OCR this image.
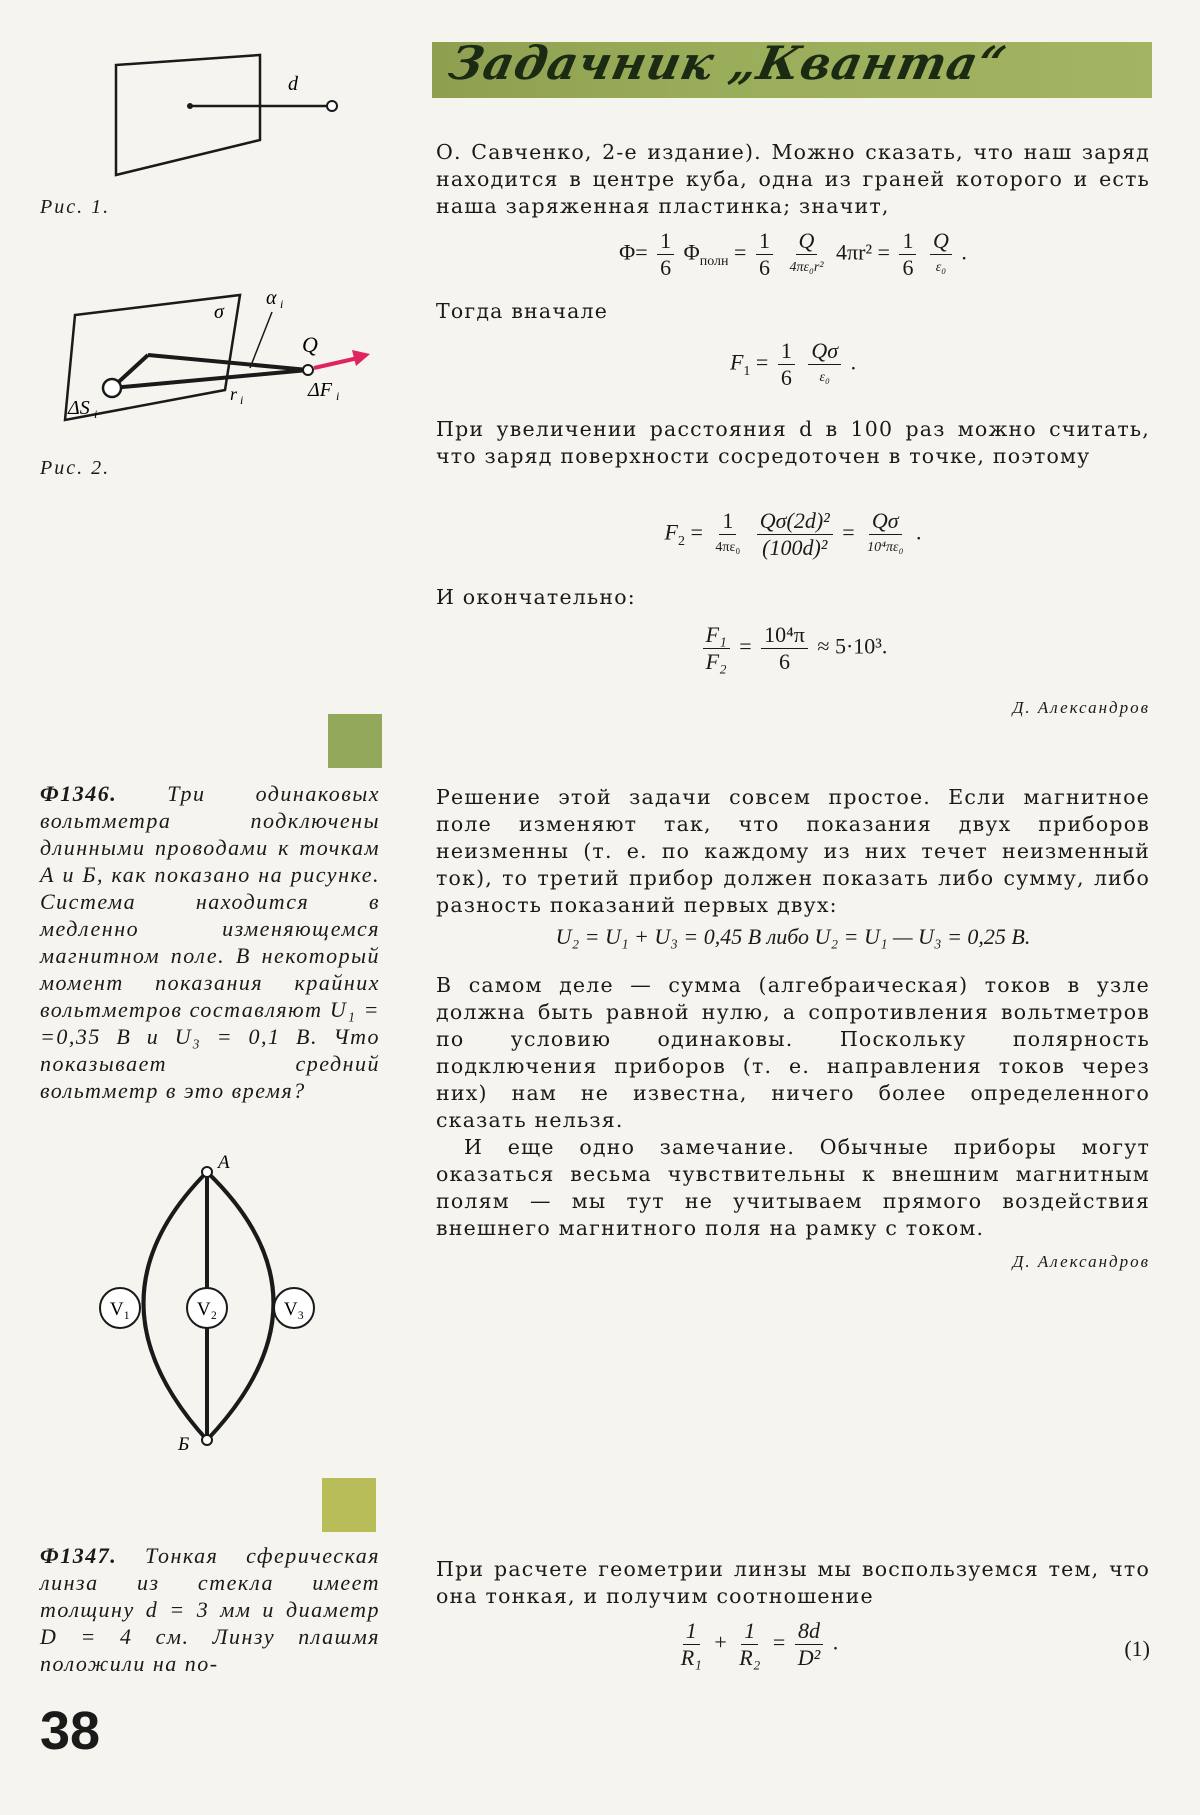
Задачник „Кванта“
d
Рис. 1.
σ
α i
Q
r i
ΔS i
ΔF i
Рис. 2.
О. Савченко, 2-е издание). Можно сказать, что наш заряд находится в центре куба, одна из граней которого и есть наша заряженная пластинка; значит,
$\Phi= \frac{1}{6} \Phi_{полн} = \frac{1}{6}$
$\frac{Q}{\text{4πε₀r²}} 4\pi r^2 = \frac{1}{6}$
$\frac{Q}{\text{ε₀}}$ .
Тогда вначале
$F_1 = \frac{1}{6}$
$\frac{Q\sigma}{\text{ε₀}}$ .
При увеличении расстояния d в 100 раз можно считать, что заряд поверхности сосредоточен в точке, поэтому
$F_2 = \frac{1}{\text{4πε₀}}$
$\frac{\text{Qσ(2d)²}}{\text{(100d)²}} = \frac{Q\sigma}{\text{10⁴πε₀}}$ .
И окончательно:
$\frac{\text{F₁}}{\text{F₂}} = \frac{\text{10⁴π}}{6} \approx 5\cdot 10^3$.
Д. Александров
Ф1346. Три одинаковых вольтметра подключены длинными проводами к точкам А и Б, как показано на рисунке. Система находится в медленно изменяющемся магнитном поле. В некоторый момент показания крайних вольтметров составляют U₁ = =0,35 В и U₃ = 0,1 В. Что показывает средний вольтметр в это время?
V₁	V₂	V₃
A
Б
Решение этой задачи совсем простое. Если магнитное поле изменяют так, что показания двух приборов неизменны (т. е. по каждому из них течет неизменный ток), то третий прибор должен показать либо сумму, либо разность показаний первых двух:
U₂ = U₁ + U₃ = 0,45 В либо U₂ = U₁ — U₃ = 0,25 В.
В самом деле — сумма (алгебраическая) токов в узле должна быть равной нулю, а сопротивления вольтметров по условию одинаковы. Поскольку полярность подключения приборов (т. е. направления токов через них) нам не известна, ничего более определенного сказать нельзя.
И еще одно замечание. Обычные приборы могут оказаться весьма чувствительны к внешним магнитным полям — мы тут не учитываем прямого воздействия внешнего магнитного поля на рамку с током.
Д. Александров
Ф1347. Тонкая сферическая линза из стекла имеет толщину d = 3 мм и диаметр D = 4 см. Линзу плашмя положили на по-
При расчете геометрии линзы мы воспользуемся тем, что она тонкая, и получим соотношение
$\frac{1}{\text{R₁}} + \frac{1}{\text{R₂}} = \frac{8d}{\text{D²}}$ .	(1)
38
